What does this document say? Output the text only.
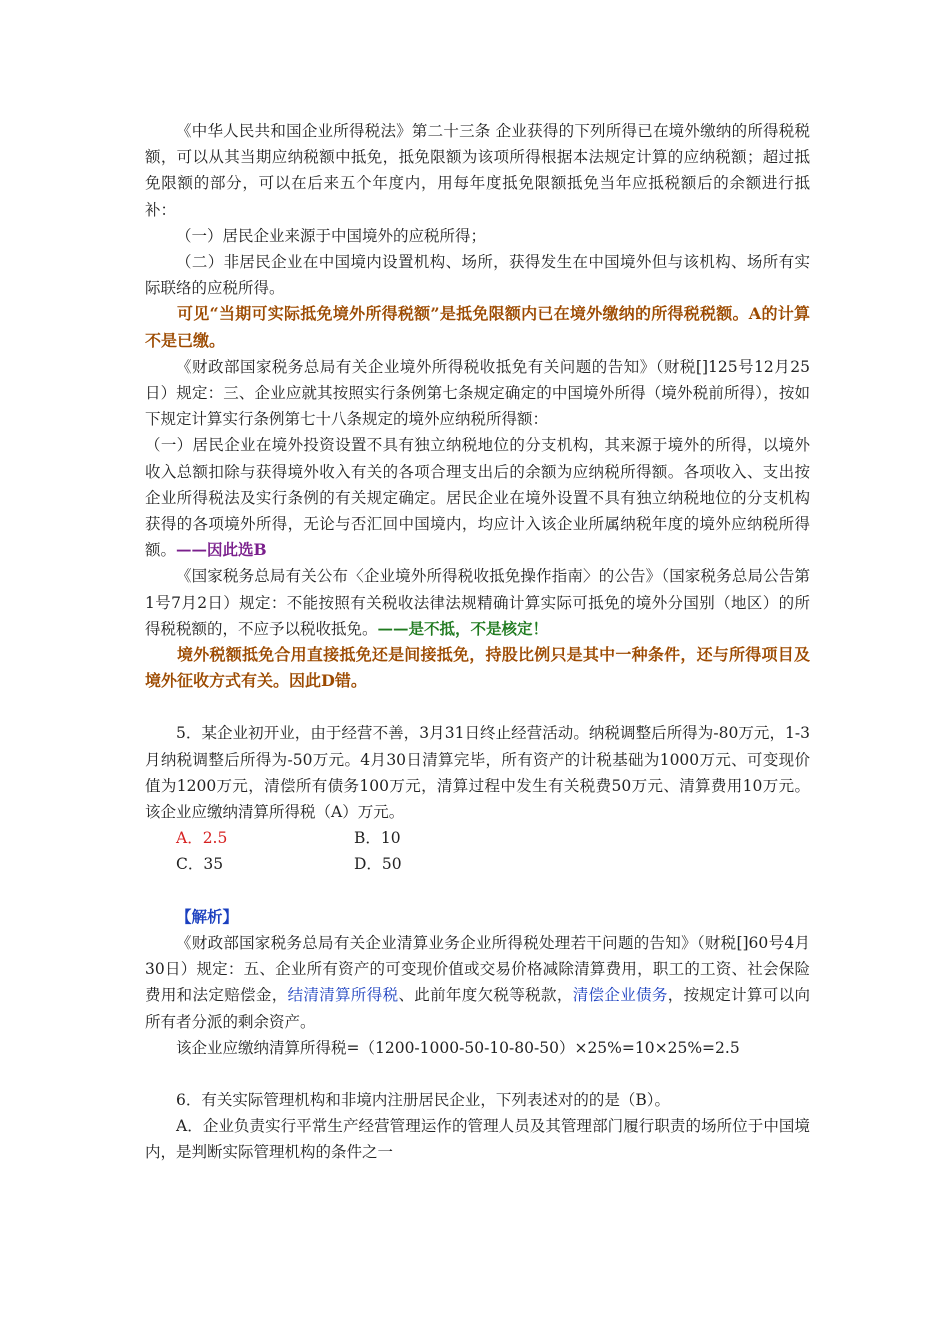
《中华人民共和国企业所得税法》第二十三条 企业获得的下列所得已在境外缴纳的所得税税额，可以从其当期应纳税额中抵免，抵免限额为该项所得根据本法规定计算的应纳税额；超过抵免限额的部分，可以在后来五个年度内，用每年度抵免限额抵免当年应抵税额后的余额进行抵补：

（一）居民企业来源于中国境外的应税所得；

（二）非居民企业在中国境内设置机构、场所，获得发生在中国境外但与该机构、场所有实际联络的应税所得。

可见“当期可实际抵免境外所得税额”是抵免限额内已在境外缴纳的所得税税额。A的计算不是已缴。

《财政部国家税务总局有关企业境外所得税收抵免有关问题的告知》（财税[]125号12月25日）规定：三、企业应就其按照实行条例第七条规定确定的中国境外所得（境外税前所得），按如下规定计算实行条例第七十八条规定的境外应纳税所得额：

（一）居民企业在境外投资设置不具有独立纳税地位的分支机构，其来源于境外的所得，以境外收入总额扣除与获得境外收入有关的各项合理支出后的余额为应纳税所得额。各项收入、支出按企业所得税法及实行条例的有关规定确定。居民企业在境外设置不具有独立纳税地位的分支机构获得的各项境外所得，无论与否汇回中国境内，均应计入该企业所属纳税年度的境外应纳税所得额。——因此选B

《国家税务总局有关公布〈企业境外所得税收抵免操作指南〉的公告》（国家税务总局公告第1号7月2日）规定：不能按照有关税收法律法规精确计算实际可抵免的境外分国别（地区）的所得税税额的，不应予以税收抵免。——是不抵，不是核定！

境外税额抵免合用直接抵免还是间接抵免，持股比例只是其中一种条件，还与所得项目及境外征收方式有关。因此D错。

5．某企业初开业，由于经营不善，3月31日终止经营活动。纳税调整后所得为-80万元，1-3月纳税调整后所得为-50万元。4月30日清算完毕，所有资产的计税基础为1000万元、可变现价值为1200万元，清偿所有债务100万元，清算过程中发生有关税费50万元、清算费用10万元。该企业应缴纳清算所得税（A）万元。

A．2.5	B．10
C．35	D．50

【解析】

《财政部国家税务总局有关企业清算业务企业所得税处理若干问题的告知》（财税[]60号4月30日）规定：五、企业所有资产的可变现价值或交易价格减除清算费用，职工的工资、社会保险费用和法定赔偿金，结清清算所得税、此前年度欠税等税款，清偿企业债务，按规定计算可以向所有者分派的剩余资产。

该企业应缴纳清算所得税=（1200-1000-50-10-80-50）×25%=10×25%=2.5

6．有关实际管理机构和非境内注册居民企业，下列表述对的的是（B）。

A．企业负责实行平常生产经营管理运作的管理人员及其管理部门履行职责的场所位于中国境内，是判断实际管理机构的条件之一
